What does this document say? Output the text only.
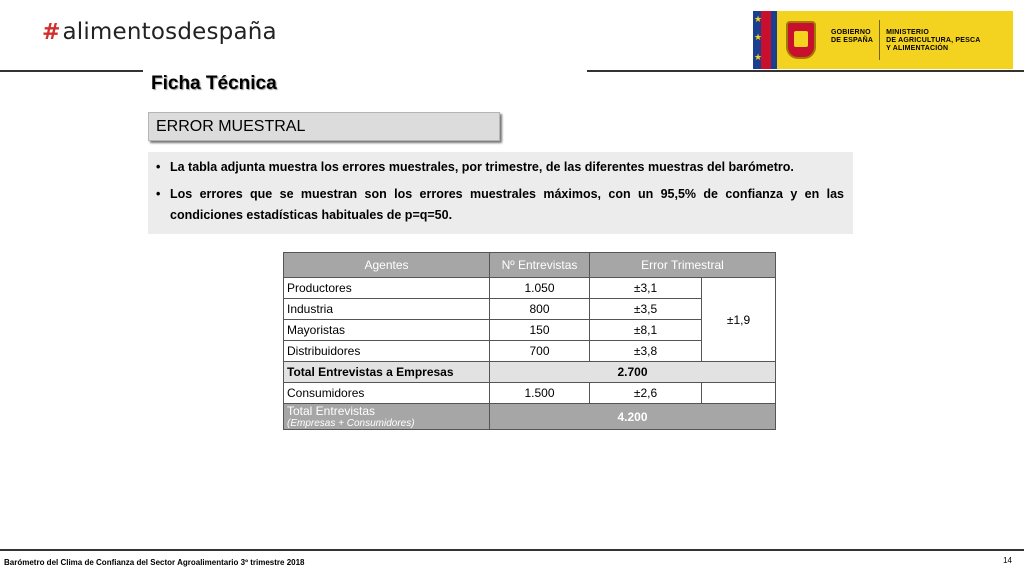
# alimentosdespaña	★
★
★
GOBIERNO
DE ESPAÑA
MINISTERIO
DE AGRICULTURA, PESCA
Y ALIMENTACIÓN
Ficha Técnica
ERROR MUESTRAL
• La tabla adjunta muestra los errores muestrales, por trimestre, de las diferentes muestras del barómetro.
• Los errores que se muestran son los errores muestrales máximos, con un 95,5% de confianza y en las condiciones estadísticas habituales de p=q=50.
Agentes	Nº Entrevistas	Error Trimestral	
Productores	1.050	±3,1	±1,9
Industria	800	±3,5	
Mayoristas	150	±8,1	
Distribuidores	700	±3,8	
Total Entrevistas a Empresas	2.700		
Consumidores	1.500	±2,6	

Total Entrevistas
(Empresas + Consumidores)	4.200		
Barómetro del Clima de Confianza del Sector Agroalimentario 3º trimestre 2018	14
